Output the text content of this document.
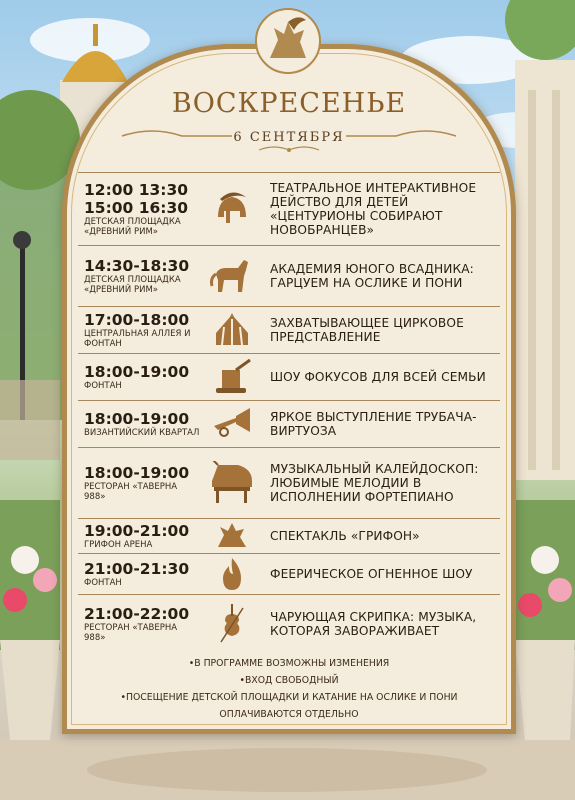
ВОСКРЕСЕНЬЕ
6 СЕНТЯБРЯ
12:00 13:30
15:00 16:30
ДЕТСКАЯ ПЛОЩАДКА «ДРЕВНИЙ РИМ»
ТЕАТРАЛЬНОЕ ИНТЕРАКТИВНОЕ ДЕЙСТВО ДЛЯ ДЕТЕЙ «ЦЕНТУРИОНЫ СОБИРАЮТ НОВОБРАНЦЕВ»
14:30-18:30
ДЕТСКАЯ ПЛОЩАДКА «ДРЕВНИЙ РИМ»
АКАДЕМИЯ ЮНОГО ВСАДНИКА: ГАРЦУЕМ НА ОСЛИКЕ И ПОНИ
17:00-18:00
ЦЕНТРАЛЬНАЯ АЛЛЕЯ И ФОНТАН
ЗАХВАТЫВАЮЩЕЕ ЦИРКОВОЕ ПРЕДСТАВЛЕНИЕ
18:00-19:00
ФОНТАН
ШОУ ФОКУСОВ ДЛЯ ВСЕЙ СЕМЬИ
18:00-19:00
ВИЗАНТИЙСКИЙ КВАРТАЛ
ЯРКОЕ ВЫСТУПЛЕНИЕ ТРУБАЧА-ВИРТУОЗА
18:00-19:00
РЕСТОРАН «ТАВЕРНА 988»
МУЗЫКАЛЬНЫЙ КАЛЕЙДОСКОП: ЛЮБИМЫЕ МЕЛОДИИ В ИСПОЛНЕНИИ ФОРТЕПИАНО
19:00-21:00
ГРИФОН АРЕНА
СПЕКТАКЛЬ «ГРИФОН»
21:00-21:30
ФОНТАН
ФЕЕРИЧЕСКОЕ ОГНЕННОЕ ШОУ
21:00-22:00
РЕСТОРАН «ТАВЕРНА 988»
ЧАРУЮЩАЯ СКРИПКА: МУЗЫКА, КОТОРАЯ ЗАВОРАЖИВАЕТ
•В ПРОГРАММЕ ВОЗМОЖНЫ ИЗМЕНЕНИЯ
•ВХОД СВОБОДНЫЙ
•ПОСЕЩЕНИЕ ДЕТСКОЙ ПЛОЩАДКИ И КАТАНИЕ НА ОСЛИКЕ И ПОНИ
ОПЛАЧИВАЮТСЯ ОТДЕЛЬНО
